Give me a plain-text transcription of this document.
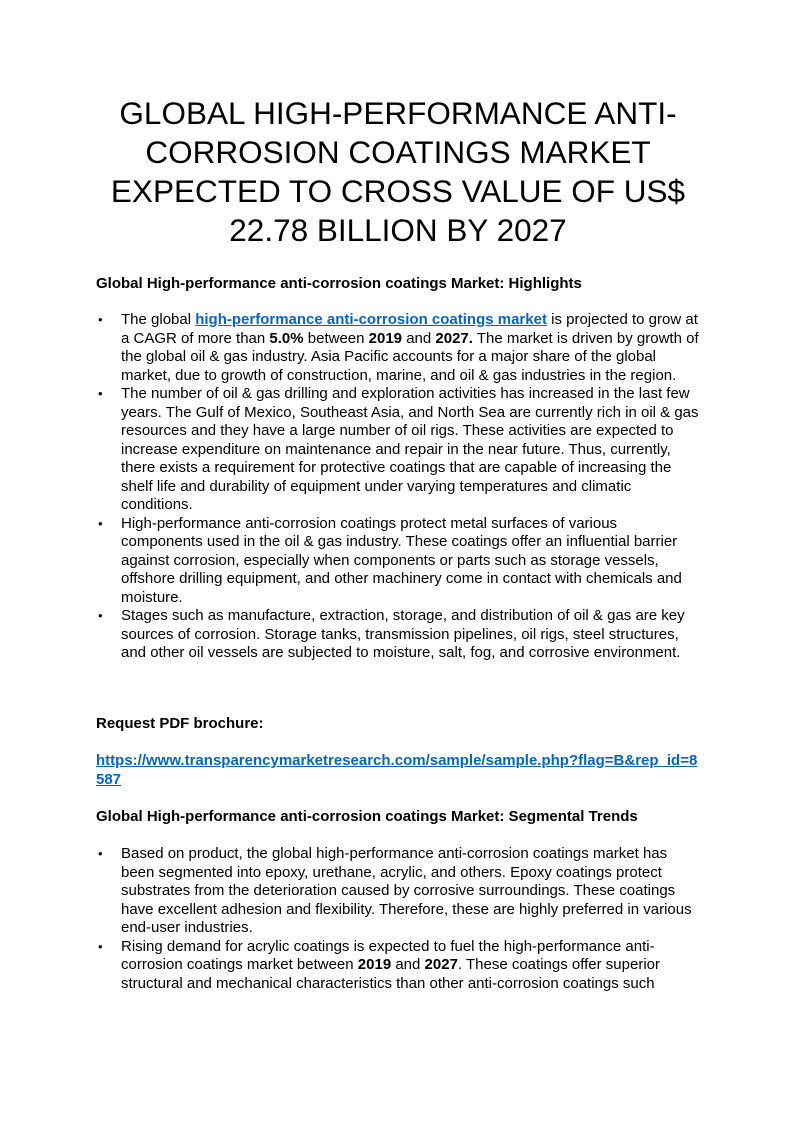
GLOBAL HIGH-PERFORMANCE ANTI-CORROSION COATINGS MARKET EXPECTED TO CROSS VALUE OF US$ 22.78 BILLION BY 2027
Global High-performance anti-corrosion coatings Market: Highlights
• The global high-performance anti-corrosion coatings market is projected to grow at a CAGR of more than 5.0% between 2019 and 2027. The market is driven by growth of the global oil & gas industry. Asia Pacific accounts for a major share of the global market, due to growth of construction, marine, and oil & gas industries in the region.
• The number of oil & gas drilling and exploration activities has increased in the last few years. The Gulf of Mexico, Southeast Asia, and North Sea are currently rich in oil & gas resources and they have a large number of oil rigs. These activities are expected to increase expenditure on maintenance and repair in the near future. Thus, currently, there exists a requirement for protective coatings that are capable of increasing the shelf life and durability of equipment under varying temperatures and climatic conditions.
• High-performance anti-corrosion coatings protect metal surfaces of various components used in the oil & gas industry. These coatings offer an influential barrier against corrosion, especially when components or parts such as storage vessels, offshore drilling equipment, and other machinery come in contact with chemicals and moisture.
• Stages such as manufacture, extraction, storage, and distribution of oil & gas are key sources of corrosion. Storage tanks, transmission pipelines, oil rigs, steel structures, and other oil vessels are subjected to moisture, salt, fog, and corrosive environment.
Request PDF brochure:
https://www.transparencymarketresearch.com/sample/sample.php?flag=B&rep_id=8587
Global High-performance anti-corrosion coatings Market: Segmental Trends
• Based on product, the global high-performance anti-corrosion coatings market has been segmented into epoxy, urethane, acrylic, and others. Epoxy coatings protect substrates from the deterioration caused by corrosive surroundings. These coatings have excellent adhesion and flexibility. Therefore, these are highly preferred in various end-user industries.
• Rising demand for acrylic coatings is expected to fuel the high-performance anti-corrosion coatings market between 2019 and 2027. These coatings offer superior structural and mechanical characteristics than other anti-corrosion coatings such
